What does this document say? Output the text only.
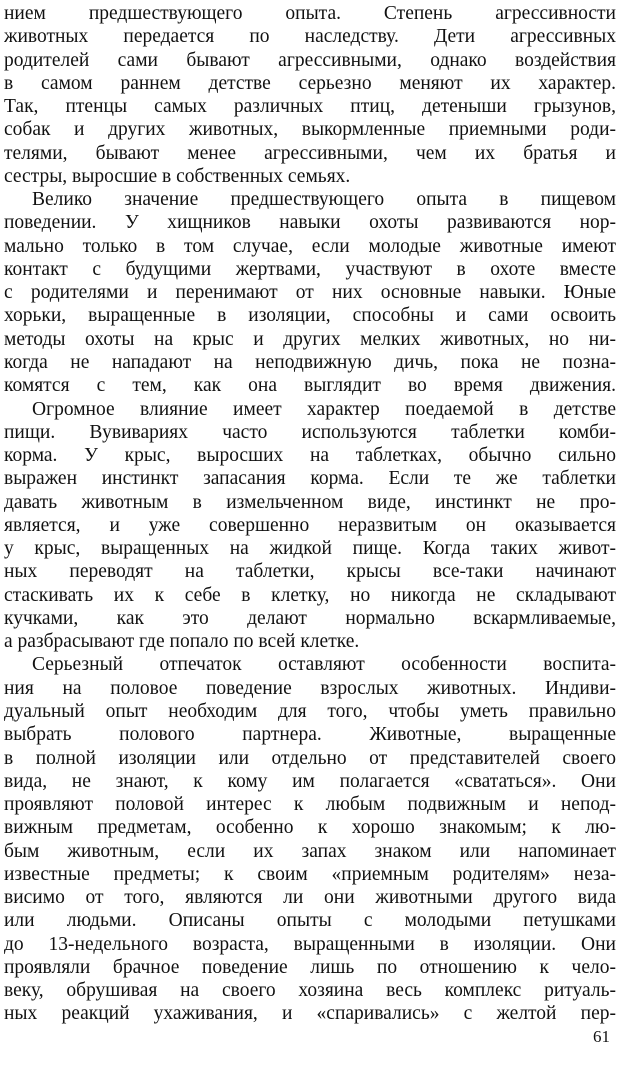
нием предшествующего опыта. Степень агрессивности
животных передается по наследству. Дети агрессивных
родителей сами бывают агрессивными, однако воздействия
в самом раннем детстве серьезно меняют их характер.
Так, птенцы самых различных птиц, детеныши грызунов,
собак и других животных, выкормленные приемными роди-
телями, бывают менее агрессивными, чем их братья и
сестры, выросшие в собственных семьях.
Велико значение предшествующего опыта в пищевом
поведении. У хищников навыки охоты развиваются нор-
мально только в том случае, если молодые животные имеют
контакт с будущими жертвами, участвуют в охоте вместе
с родителями и перенимают от них основные навыки. Юные
хорьки, выращенные в изоляции, способны и сами освоить
методы охоты на крыс и других мелких животных, но ни-
когда не нападают на неподвижную дичь, пока не позна-
комятся с тем, как она выглядит во время движения.
Огромное влияние имеет характер поедаемой в детстве
пищи. Вувивариях часто используются таблетки комби-
корма. У крыс, выросших на таблетках, обычно сильно
выражен инстинкт запасания корма. Если те же таблетки
давать животным в измельченном виде, инстинкт не про-
является, и уже совершенно неразвитым он оказывается
у крыс, выращенных на жидкой пище. Когда таких живот-
ных переводят на таблетки, крысы все-таки начинают
стаскивать их к себе в клетку, но никогда не складывают
кучками, как это делают нормально вскармливаемые,
а разбрасывают где попало по всей клетке.
Серьезный отпечаток оставляют особенности воспита-
ния на половое поведение взрослых животных. Индиви-
дуальный опыт необходим для того, чтобы уметь правильно
выбрать полового партнера. Животные, выращенные
в полной изоляции или отдельно от представителей своего
вида, не знают, к кому им полагается «свататься». Они
проявляют половой интерес к любым подвижным и непод-
вижным предметам, особенно к хорошо знакомым; к лю-
бым животным, если их запах знаком или напоминает
известные предметы; к своим «приемным родителям» неза-
висимо от того, являются ли они животными другого вида
или людьми. Описаны опыты с молодыми петушками
до 13-недельного возраста, выращенными в изоляции. Они
проявляли брачное поведение лишь по отношению к чело-
веку, обрушивая на своего хозяина весь комплекс ритуаль-
ных реакций ухаживания, и «спаривались» с желтой пер-
61
